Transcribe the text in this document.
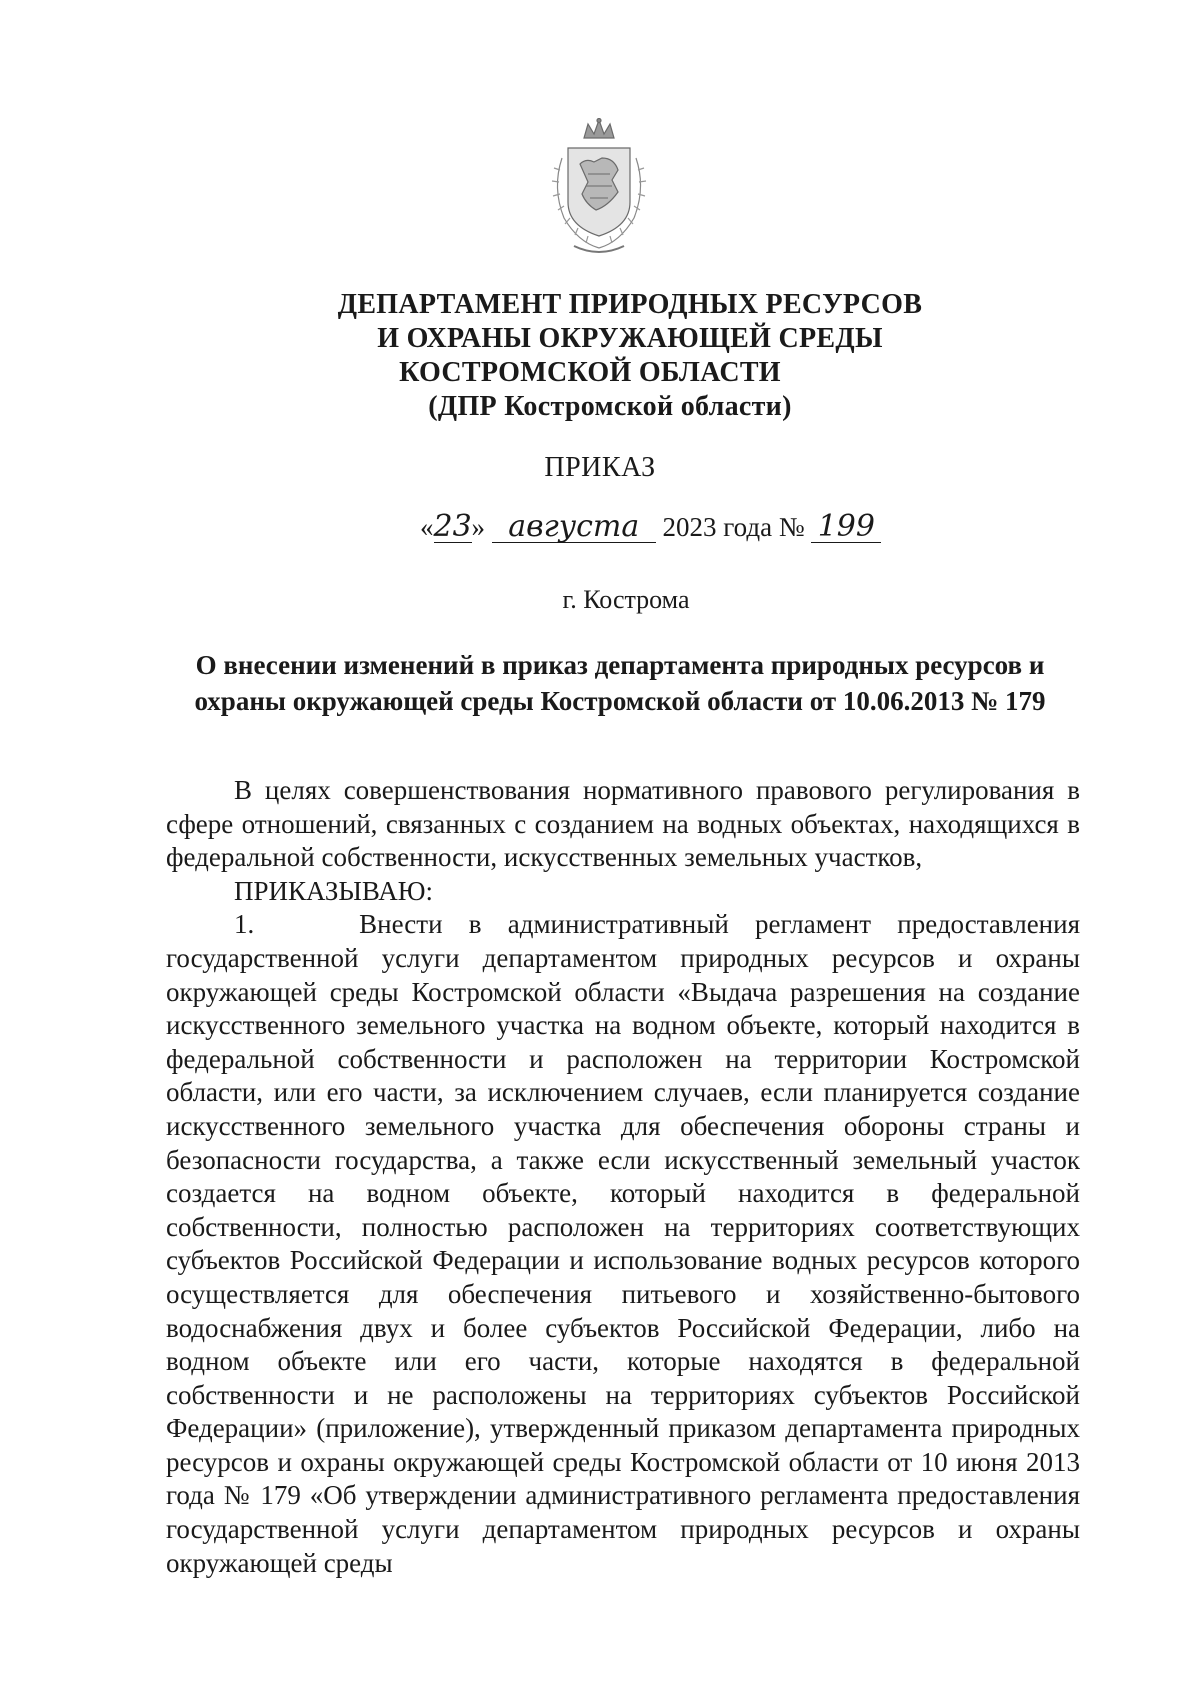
ДЕПАРТАМЕНТ ПРИРОДНЫХ РЕСУРСОВ
И ОХРАНЫ ОКРУЖАЮЩЕЙ СРЕДЫ
КОСТРОМСКОЙ ОБЛАСТИ
(ДПР Костромской области)
ПРИКАЗ
«23» августа 2023 года № 199
г. Кострома
О внесении изменений в приказ департамента природных ресурсов и
охраны окружающей среды Костромской области от 10.06.2013 № 179

В целях совершенствования нормативного правового регулирования в сфере отношений, связанных с созданием на водных объектах, находящихся в федеральной собственности, искусственных земельных участков,

ПРИКАЗЫВАЮ:

1.    Внести в административный регламент предоставления государственной услуги департаментом природных ресурсов и охраны окружающей среды Костромской области «Выдача разрешения на создание искусственного земельного участка на водном объекте, который находится в федеральной собственности и расположен на территории Костромской области, или его части, за исключением случаев, если планируется создание искусственного земельного участка для обеспечения обороны страны и безопасности государства, а также если искусственный земельный участок создается на водном объекте, который находится в федеральной собственности, полностью расположен на территориях соответствующих субъектов Российской Федерации и использование водных ресурсов которого осуществляется для обеспечения питьевого и хозяйственно-бытового водоснабжения двух и более субъектов Российской Федерации, либо на водном объекте или его части, которые находятся в федеральной собственности и не расположены на территориях субъектов Российской Федерации» (приложение), утвержденный приказом департамента природных ресурсов и охраны окружающей среды Костромской области от 10 июня 2013 года № 179 «Об утверждении административного регламента предоставления государственной услуги департаментом природных ресурсов и охраны окружающей среды
